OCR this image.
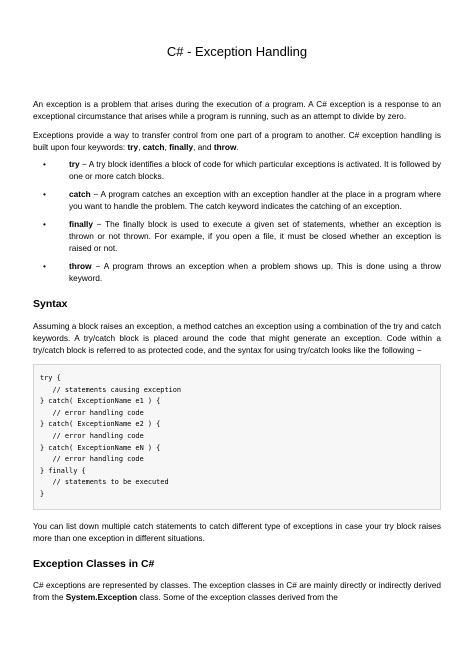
C# - Exception Handling

An exception is a problem that arises during the execution of a program. A C# exception is a response to an exceptional circumstance that arises while a program is running, such as an attempt to divide by zero.

Exceptions provide a way to transfer control from one part of a program to another. C# exception handling is built upon four keywords: try, catch, finally, and throw.

• try − A try block identifies a block of code for which particular exceptions is activated. It is followed by one or more catch blocks.
• catch − A program catches an exception with an exception handler at the place in a program where you want to handle the problem. The catch keyword indicates the catching of an exception.
• finally − The finally block is used to execute a given set of statements, whether an exception is thrown or not thrown. For example, if you open a file, it must be closed whether an exception is raised or not.
• throw − A program throws an exception when a problem shows up. This is done using a throw keyword.
Syntax

Assuming a block raises an exception, a method catches an exception using a combination of the try and catch keywords. A try/catch block is placed around the code that might generate an exception. Code within a try/catch block is referred to as protected code, and the syntax for using try/catch looks like the following −

try {
// statements causing exception
} catch( ExceptionName e1 ) {
// error handling code
} catch( ExceptionName e2 ) {
// error handling code
} catch( ExceptionName eN ) {
// error handling code
} finally {
// statements to be executed
}

You can list down multiple catch statements to catch different type of exceptions in case your try block raises more than one exception in different situations.

Exception Classes in C#

C# exceptions are represented by classes. The exception classes in C# are mainly directly or indirectly derived from the System.Exception class. Some of the exception classes derived from the
